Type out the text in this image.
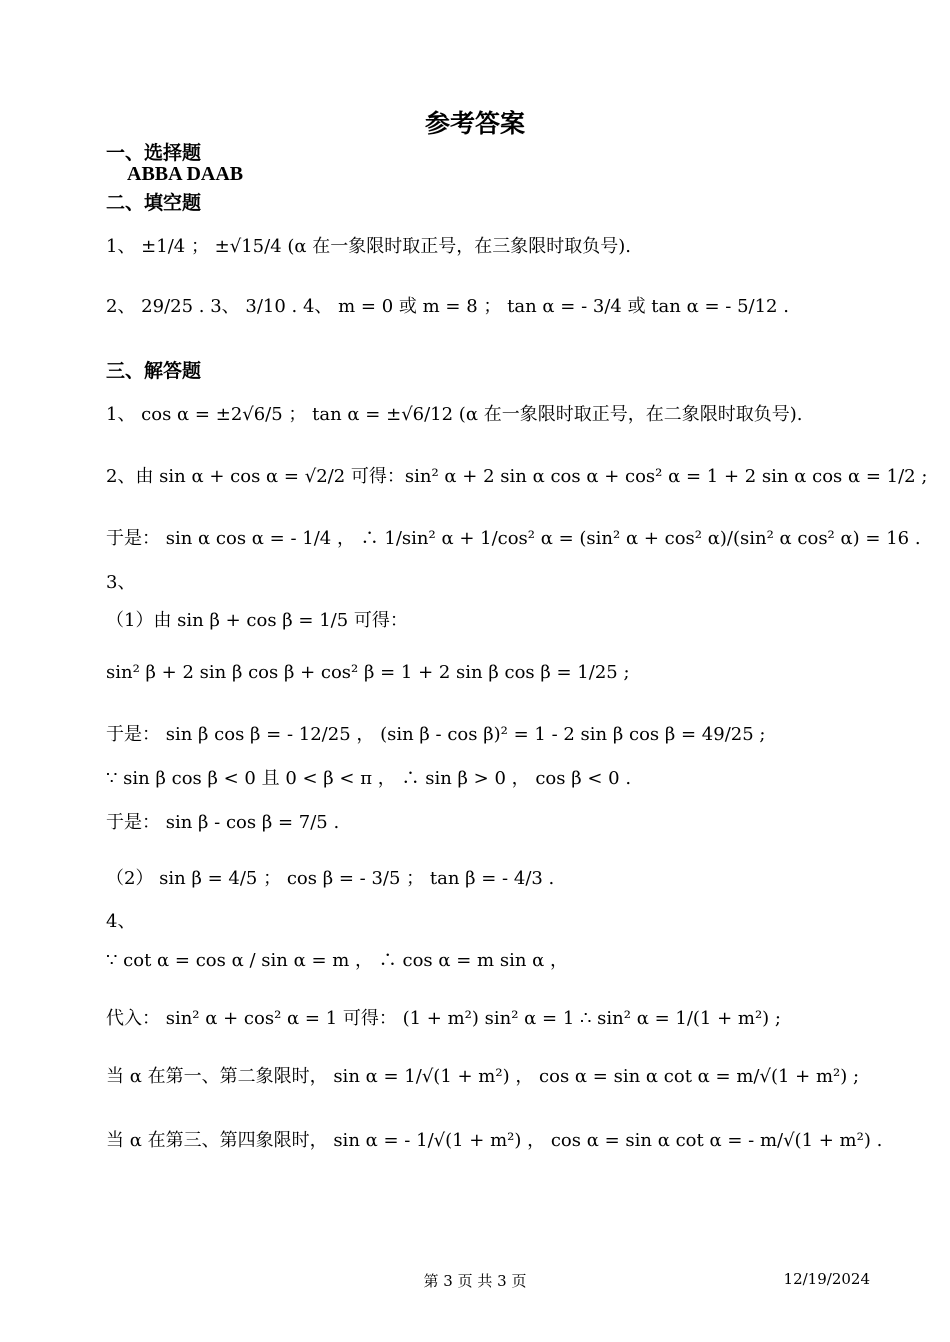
参考答案
一、选择题
ABBA DAAB
二、填空题
1、 ±1/4 ； ±√15/4 (α 在一象限时取正号，在三象限时取负号).
2、 29/25 . 3、 3/10 . 4、 m = 0 或 m = 8 ； tan α = - 3/4 或 tan α = - 5/12 .
三、解答题
1、 cos α = ±2√6/5 ； tan α = ±√6/12 (α 在一象限时取正号，在二象限时取负号).
2、由 sin α + cos α = √2/2 可得：sin² α + 2 sin α cos α + cos² α = 1 + 2 sin α cos α = 1/2 ;
于是： sin α cos α = - 1/4 ， ∴ 1/sin² α + 1/cos² α = (sin² α + cos² α)/(sin² α cos² α) = 16 .
3、
（1）由 sin β + cos β = 1/5 可得：
sin² β + 2 sin β cos β + cos² β = 1 + 2 sin β cos β = 1/25 ;
于是： sin β cos β = - 12/25 ， (sin β - cos β)² = 1 - 2 sin β cos β = 49/25 ;
∵ sin β cos β < 0 且 0 < β < π ， ∴ sin β > 0 ， cos β < 0 .
于是： sin β - cos β = 7/5 .
（2） sin β = 4/5 ； cos β = - 3/5 ； tan β = - 4/3 .
4、
∵ cot α = cos α / sin α = m ， ∴ cos α = m sin α ，
代入： sin² α + cos² α = 1 可得： (1 + m²) sin² α = 1 ∴ sin² α = 1/(1 + m²) ;
当 α 在第一、第二象限时， sin α = 1/√(1 + m²) ， cos α = sin α cot α = m/√(1 + m²) ;
当 α 在第三、第四象限时， sin α = - 1/√(1 + m²) ， cos α = sin α cot α = - m/√(1 + m²) .
第 3 页 共 3 页	12/19/2024
